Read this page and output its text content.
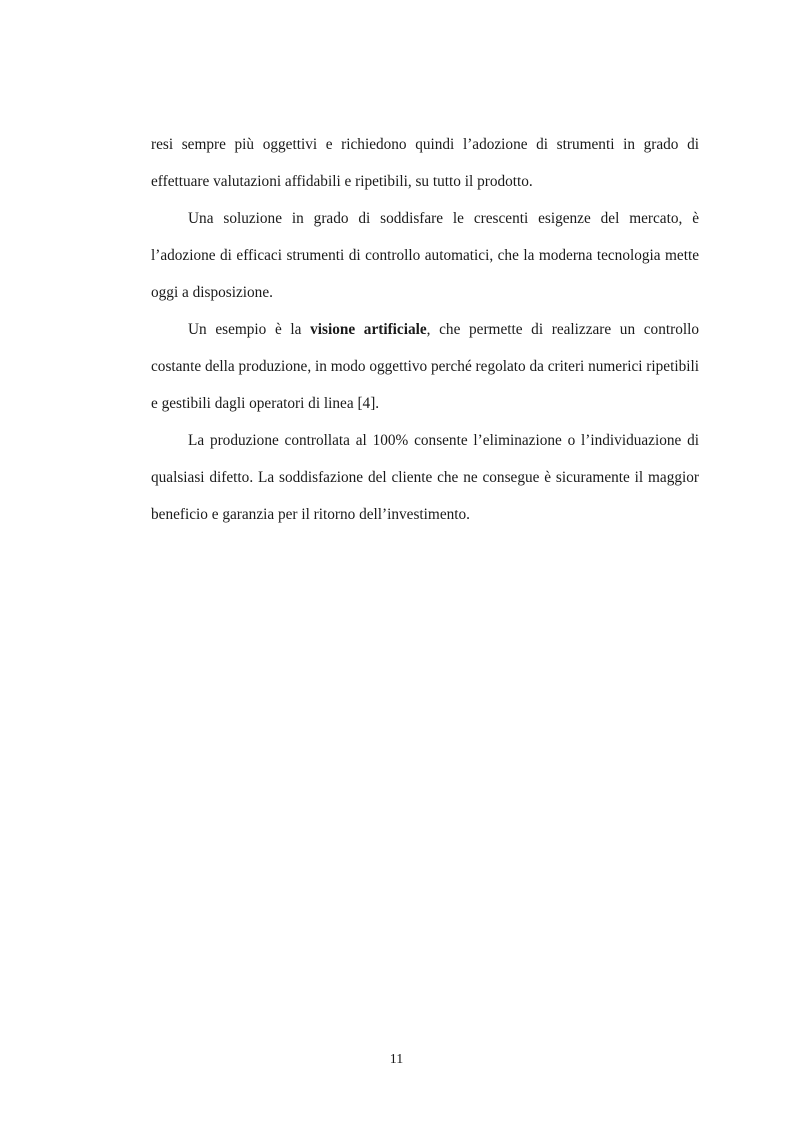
resi sempre più oggettivi e richiedono quindi l’adozione di strumenti in grado di effettuare valutazioni affidabili e ripetibili, su tutto il prodotto.

Una soluzione in grado di soddisfare le crescenti esigenze del mercato, è l’adozione di efficaci strumenti di controllo automatici, che la moderna tecnologia mette oggi a disposizione.

Un esempio è la visione artificiale, che permette di realizzare un controllo costante della produzione, in modo oggettivo perché regolato da criteri numerici ripetibili e gestibili dagli operatori di linea [4].

La produzione controllata al 100% consente l’eliminazione o l’individuazione di qualsiasi difetto. La soddisfazione del cliente che ne consegue è sicuramente il maggior beneficio e garanzia per il ritorno dell’investimento.

11
